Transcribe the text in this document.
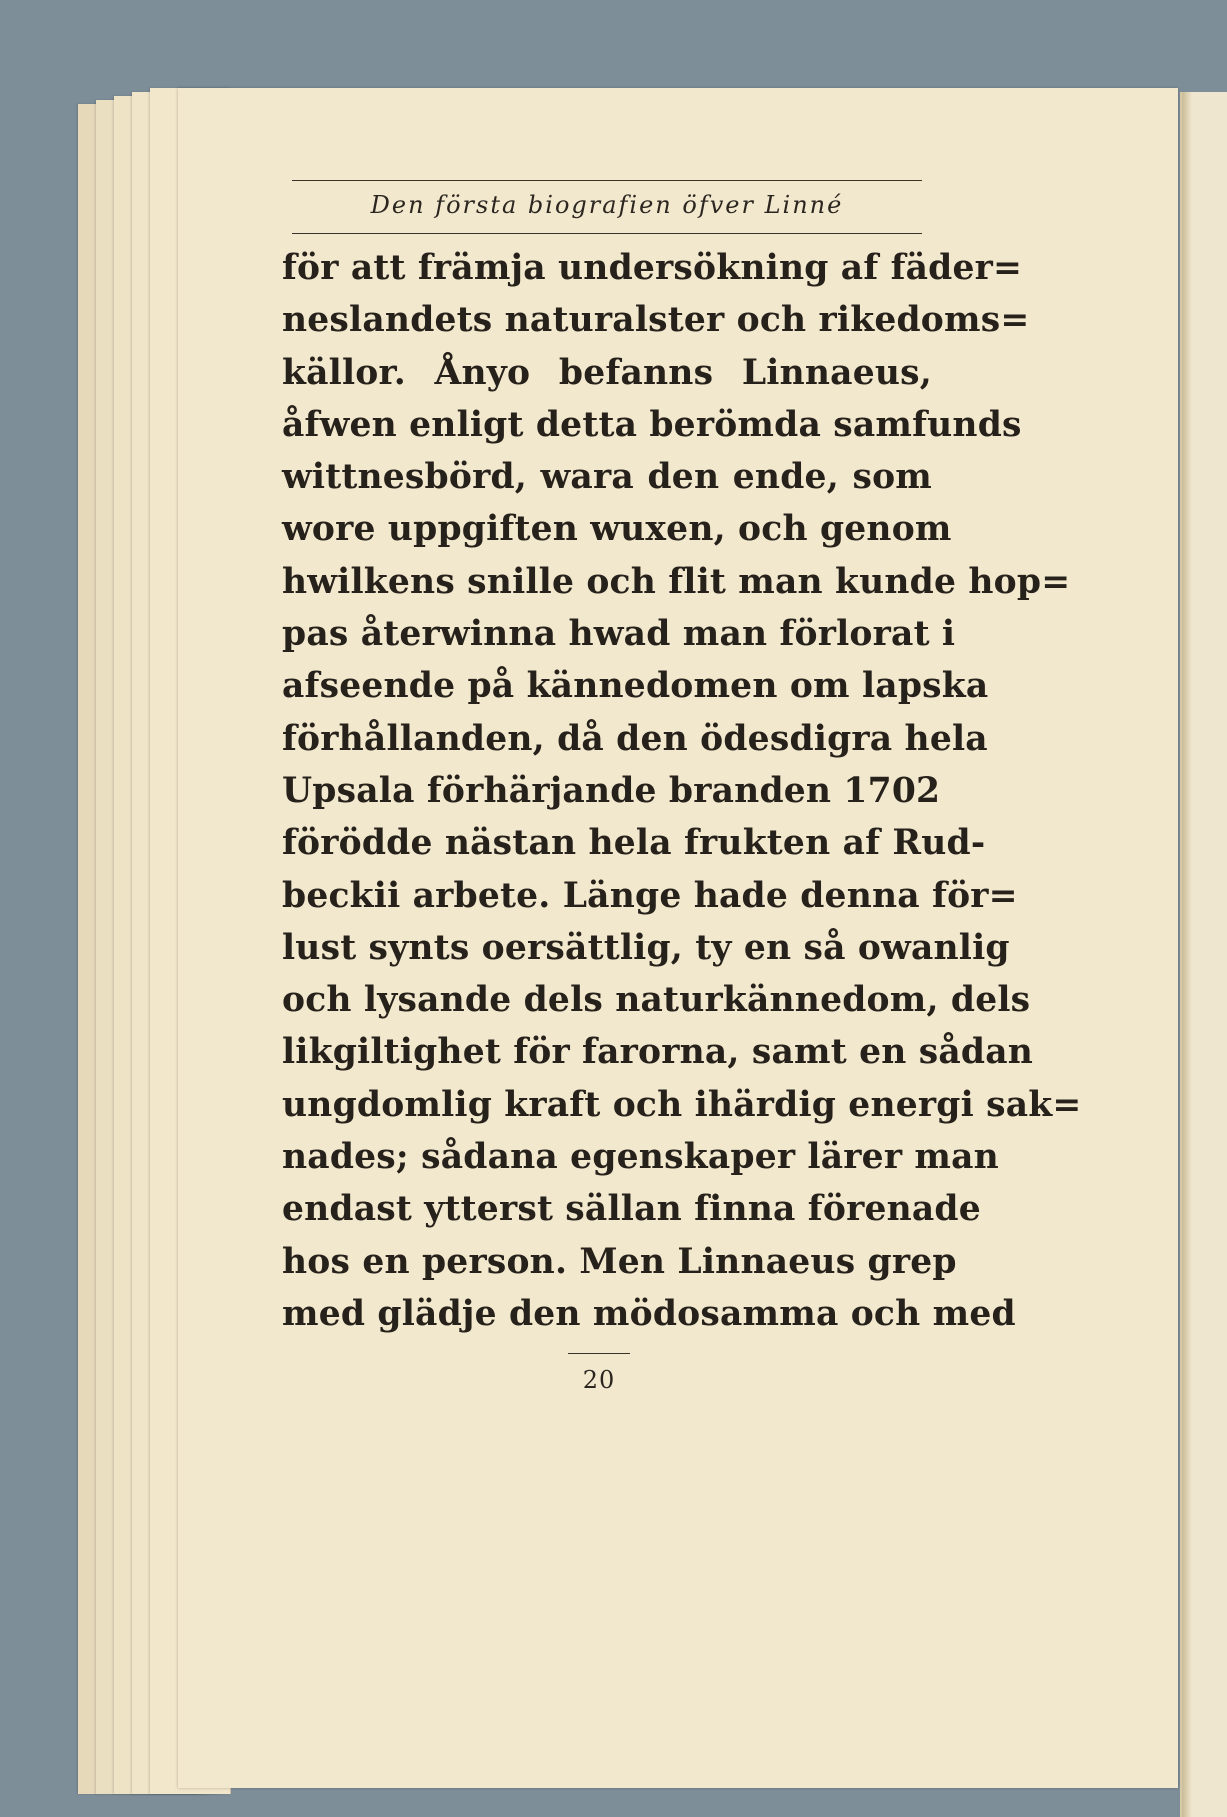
Den första biografien öfver Linné
för att främja undersökning af fäder=
neslandets naturalster och rikedoms=
källor. Ånyo befanns Linnaeus,
åfwen enligt detta berömda samfunds
wittnesbörd, wara den ende, som
wore uppgiften wuxen, och genom
hwilkens snille och flit man kunde hop=
pas återwinna hwad man förlorat i
afseende på kännedomen om lapska
förhållanden, då den ödesdigra hela
Upsala förhärjande branden 1702
förödde nästan hela frukten af Rud-
beckii arbete. Länge hade denna för=
lust synts oersättlig, ty en så owanlig
och lysande dels naturkännedom, dels
likgiltighet för farorna, samt en sådan
ungdomlig kraft och ihärdig energi sak=
nades; sådana egenskaper lärer man
endast ytterst sällan finna förenade
hos en person. Men Linnaeus grep
med glädje den mödosamma och med
20
